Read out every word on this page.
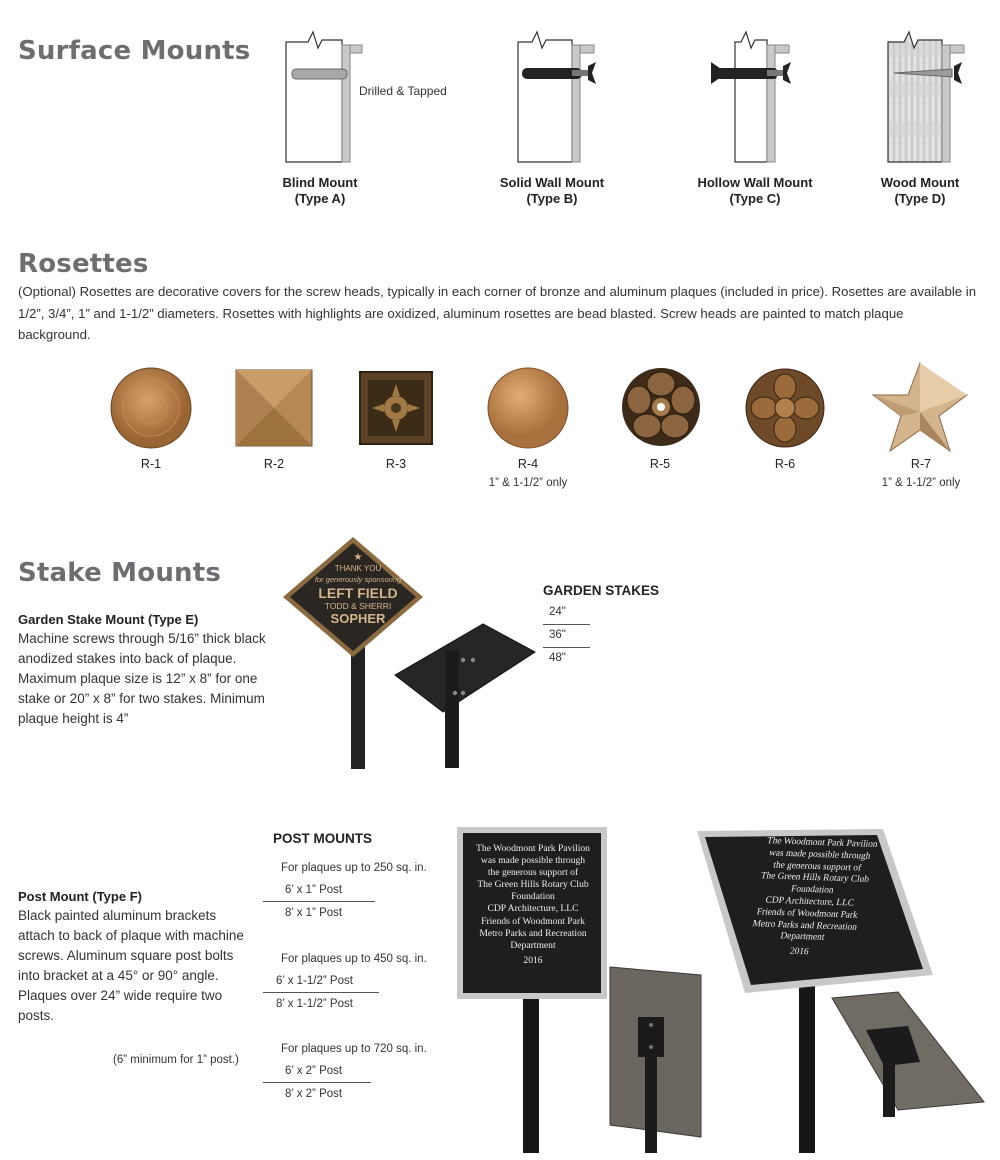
Surface Mounts
Drilled & Tapped
Blind Mount
(Type A)
Solid Wall Mount
(Type B)
Hollow Wall Mount
(Type C)
Wood Mount
(Type D)
Rosettes
(Optional) Rosettes are decorative covers for the screw heads, typically in each corner of bronze and aluminum plaques (included in price). Rosettes are available in 1/2”, 3/4”, 1” and 1-1/2” diameters. Rosettes with highlights are oxidized, aluminum rosettes are bead blasted. Screw heads are painted to match plaque background.
R-1	R-2	R-3	R-4
1” & 1-1/2” only
R-5	R-6	R-7
1” & 1-1/2” only
Stake Mounts
Garden Stake Mount (Type E)
Machine screws through 5/16” thick black anodized stakes into back of plaque. Maximum plaque size is 12” x 8” for one stake or 20” x 8” for two stakes. Minimum plaque height is 4”
★
THANK YOU
for generously sponsoring
LEFT FIELD
TODD & SHERRI
SOPHER
GARDEN STAKES
24"
36"
48"
POST MOUNTS
For plaques up to 250 sq. in.
6’ x 1” Post
8’ x 1” Post
For plaques up to 450 sq. in.
6’ x 1-1/2” Post
8’ x 1-1/2” Post
For plaques up to 720 sq. in.
6’ x 2” Post
8’ x 2” Post
Post Mount (Type F)
Black painted aluminum brackets attach to back of plaque with machine screws. Aluminum square post bolts into bracket at a 45° or 90° angle. Plaques over 24” wide require two posts.
(6” minimum for 1” post.)
The Woodmont Park Pavilion
was made possible through
the generous support of
The Green Hills Rotary Club
Foundation
CDP Architecture, LLC
Friends of Woodmont Park
Metro Parks and Recreation
Department
2016
The Woodmont Park Pavilion
was made possible through
the generous support of
The Green Hills Rotary Club
Foundation
CDP Architecture, LLC
Friends of Woodmont Park
Metro Parks and Recreation
Department
2016
